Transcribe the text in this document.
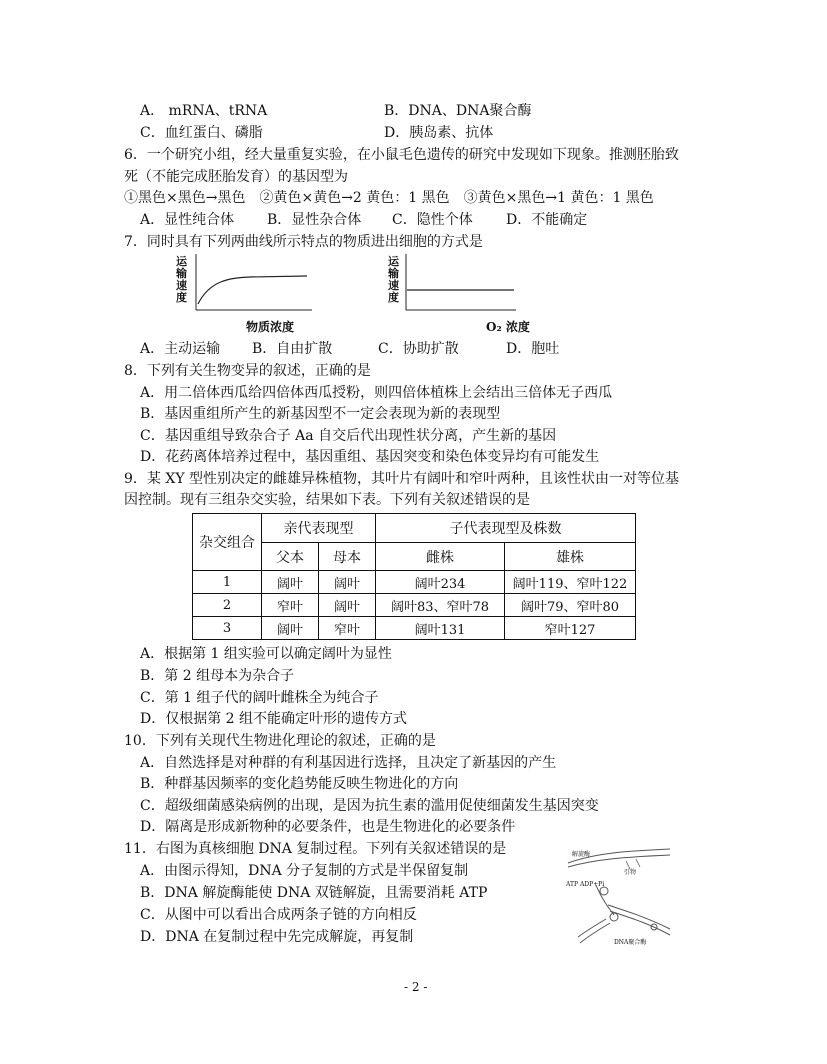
A． mRNA、tRNA	B．DNA、DNA聚合酶
C．血红蛋白、磷脂	D．胰岛素、抗体
6．一个研究小组，经大量重复实验，在小鼠毛色遗传的研究中发现如下现象。推测胚胎致
死（不能完成胚胎发育）的基因型为
①黑色×黑色→黑色　②黄色×黄色→2 黄色：1 黑色　③黄色×黑色→1 黄色：1 黑色
A．显性纯合体 B．显性杂合体 C．隐性个体 D．不能确定
7．同时具有下列两曲线所示特点的物质进出细胞的方式是
运
输
速
度
物质浓度
运
输
速
度
O₂ 浓度
A．主动运输 B．自由扩散	C．协助扩散	D．胞吐
8．下列有关生物变异的叙述，正确的是
A．用二倍体西瓜给四倍体西瓜授粉，则四倍体植株上会结出三倍体无子西瓜
B．基因重组所产生的新基因型不一定会表现为新的表现型
C．基因重组导致杂合子 Aa 自交后代出现性状分离，产生新的基因
D．花药离体培养过程中，基因重组、基因突变和染色体变异均有可能发生
9．某 XY 型性别决定的雌雄异株植物，其叶片有阔叶和窄叶两种，且该性状由一对等位基
因控制。现有三组杂交实验，结果如下表。下列有关叙述错误的是
杂交组合	亲代表现型		子代表现型及株数	
	父本	母本	雌株	雄株
1	阔叶	阔叶	阔叶234	阔叶119、窄叶122
2	窄叶	阔叶	阔叶83、窄叶78	阔叶79、窄叶80
3	阔叶	窄叶	阔叶131	窄叶127
A．根据第 1 组实验可以确定阔叶为显性
B．第 2 组母本为杂合子
C．第 1 组子代的阔叶雌株全为纯合子
D．仅根据第 2 组不能确定叶形的遗传方式
10．下列有关现代生物进化理论的叙述，正确的是
A．自然选择是对种群的有利基因进行选择，且决定了新基因的产生
B．种群基因频率的变化趋势能反映生物进化的方向
C．超级细菌感染病例的出现，是因为抗生素的滥用促使细菌发生基因突变
D．隔离是形成新物种的必要条件，也是生物进化的必要条件
11．右图为真核细胞 DNA 复制过程。下列有关叙述错误的是
A．由图示得知，DNA 分子复制的方式是半保留复制
B．DNA 解旋酶能使 DNA 双链解旋，且需要消耗 ATP
C．从图中可以看出合成两条子链的方向相反
D．DNA 在复制过程中先完成解旋，再复制
解旋酶
引物
ATP ADP+Pi
DNA聚合酶
- 2 -
